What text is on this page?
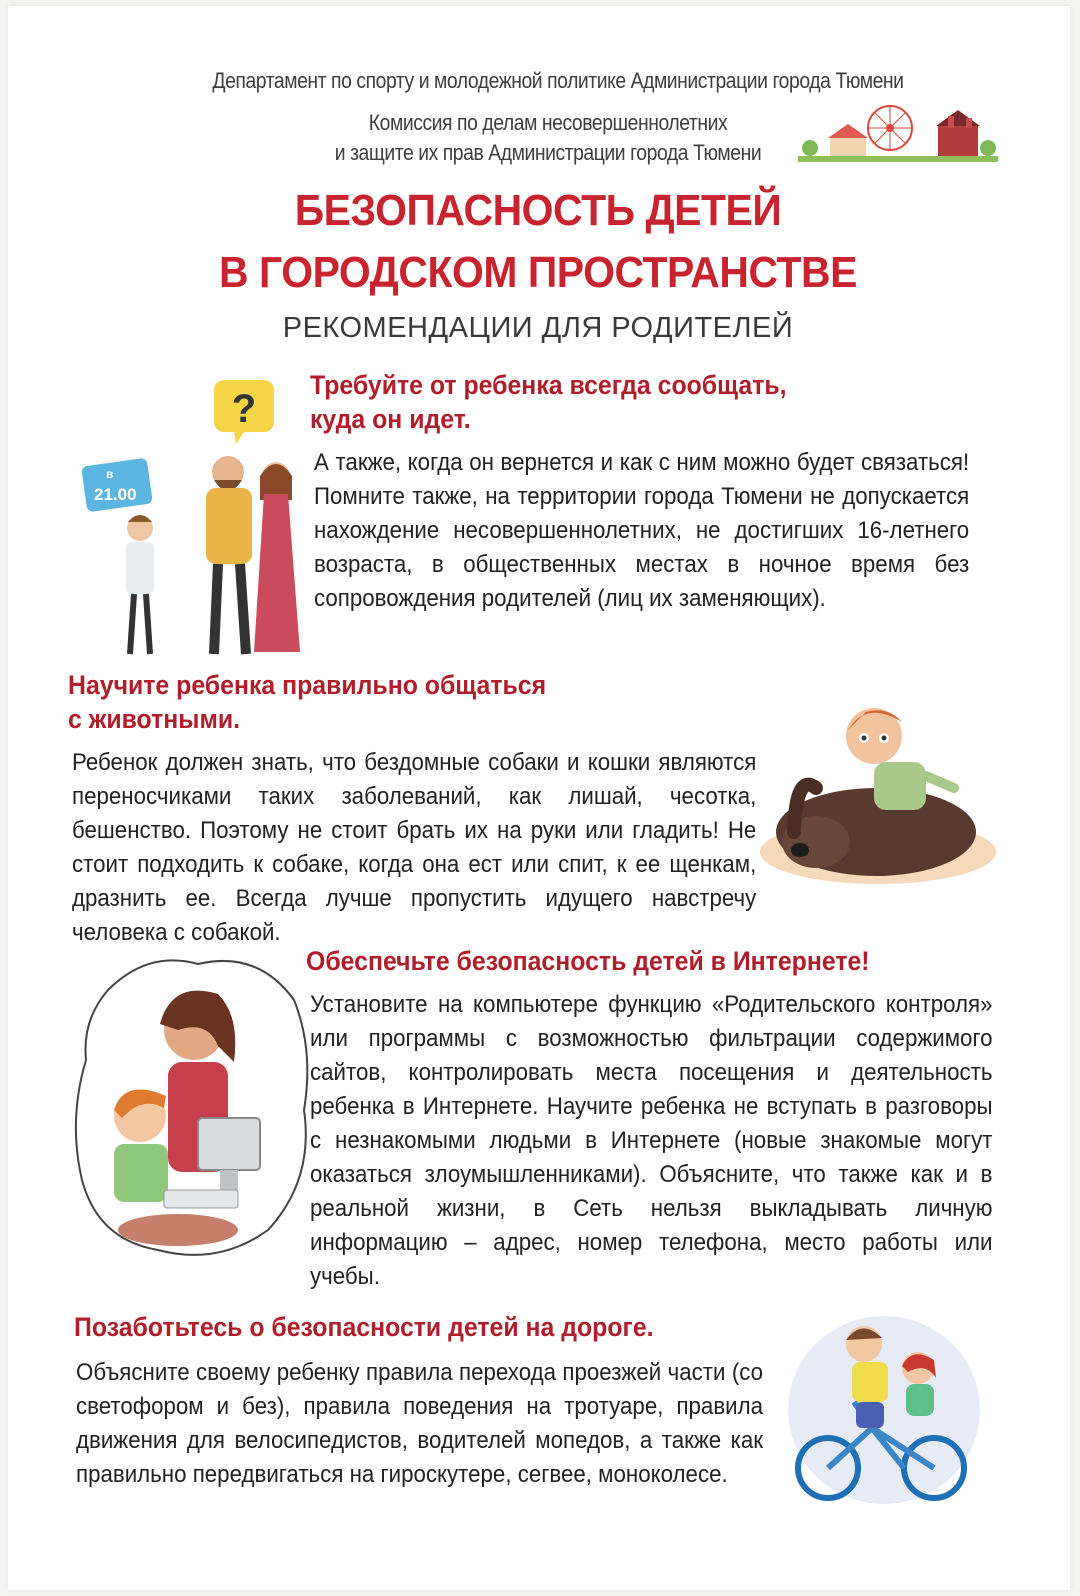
Департамент по спорту и молодежной политике Администрации города Тюмени
Комиссия по делам несовершеннолетних
и защите их прав Администрации города Тюмени
БЕЗОПАСНОСТЬ ДЕТЕЙ
В ГОРОДСКОМ ПРОСТРАНСТВЕ
РЕКОМЕНДАЦИИ ДЛЯ РОДИТЕЛЕЙ
?
в
21.00
Требуйте от ребенка всегда сообщать,
куда он идет.
А также, когда он вернется и как с ним можно будет связаться! Помните также, на территории города Тюмени не допускается нахождение несовершеннолетних, не достигших 16-летнего возраста, в общественных местах в ночное время без сопровождения родителей (лиц их заменяющих).
Научите ребенка правильно общаться
с животными.
Ребенок должен знать, что бездомные собаки и кошки являются переносчиками таких заболеваний, как лишай, чесотка, бешенство. Поэтому не стоит брать их на руки или гладить! Не стоит подходить к собаке, когда она ест или спит, к ее щенкам, дразнить ее. Всегда лучше пропустить идущего навстречу человека с собакой.
Обеспечьте безопасность детей в Интернете!
Установите на компьютере функцию «Родительского контроля» или программы с возможностью фильтрации содержимого сайтов, контролировать места посещения и деятельность ребенка в Интернете. Научите ребенка не вступать в разговоры с незнакомыми людьми в Интернете (новые знакомые могут оказаться злоумышленниками). Объясните, что также как и в реальной жизни, в Сеть нельзя выкладывать личную информацию – адрес, номер телефона, место работы или учебы.
Позаботьтесь о безопасности детей на дороге.
Объясните своему ребенку правила перехода проезжей части (со светофором и без), правила поведения на тротуаре, правила движения для велосипедистов, водителей мопедов, а также как правильно передвигаться на гироскутере, сегвее, моноколесе.
